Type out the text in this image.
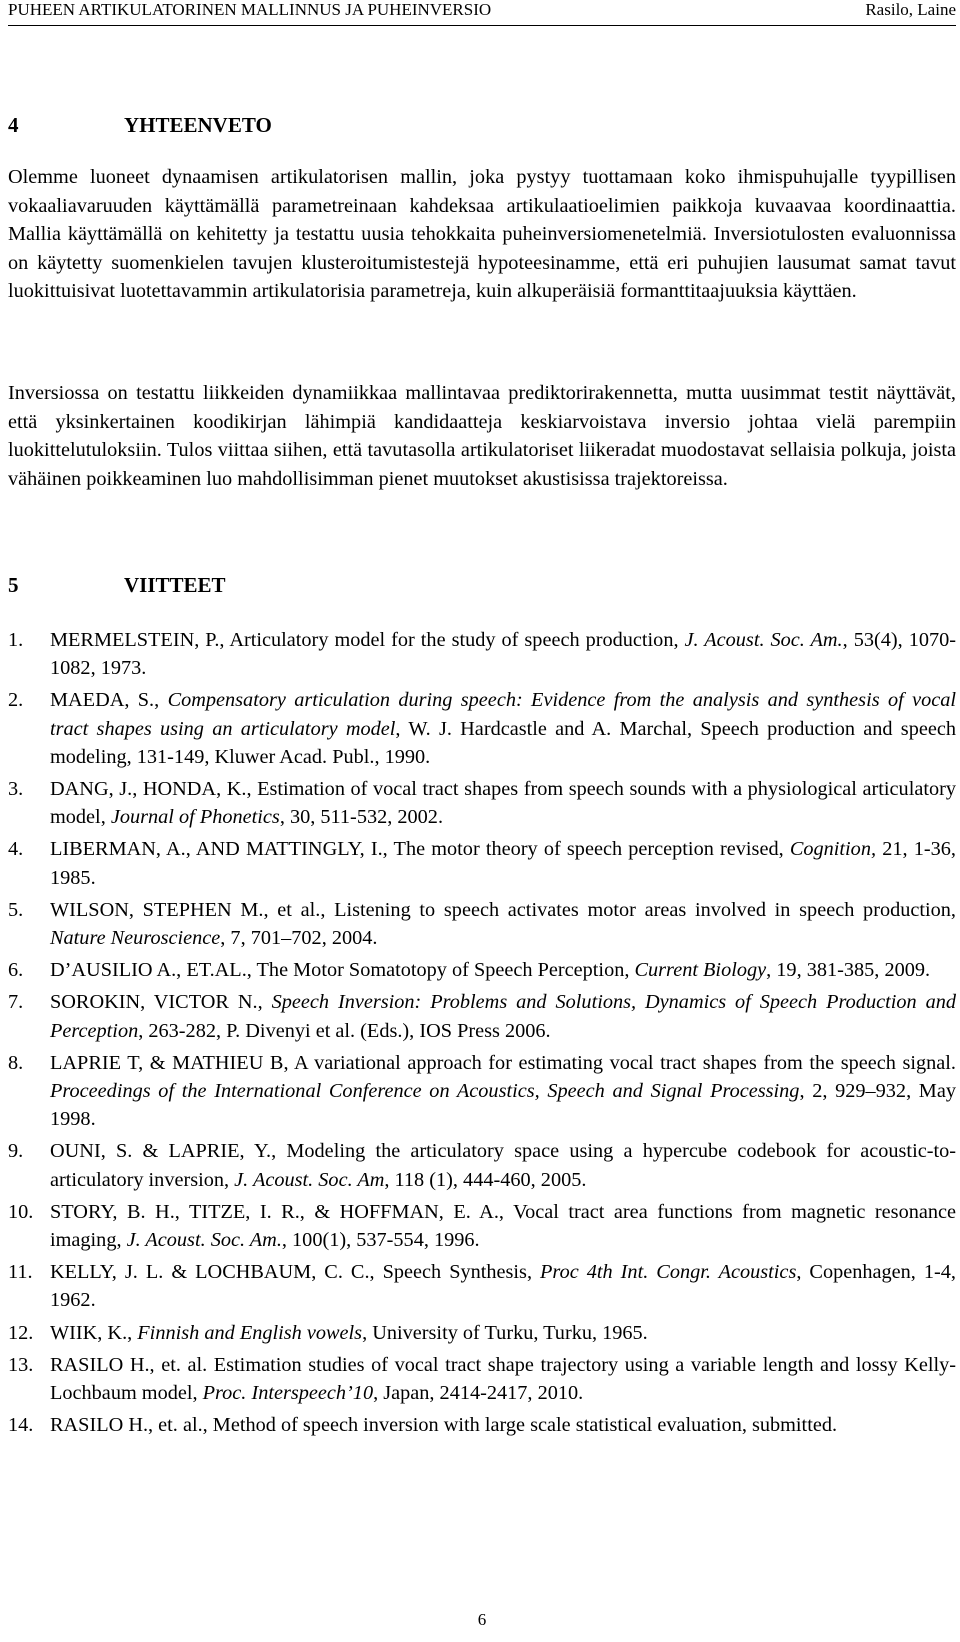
PUHEEN ARTIKULATORINEN MALLINNUS JA PUHEINVERSIO	Rasilo, Laine
4	YHTEENVETO

Olemme luoneet dynaamisen artikulatorisen mallin, joka pystyy tuottamaan koko ihmispuhujalle tyypillisen vokaaliavaruuden käyttämällä parametreinaan kahdeksaa artikulaatioelimien paikkoja kuvaavaa koordinaattia. Mallia käyttämällä on kehitetty ja testattu uusia tehokkaita puheinversiomenetelmiä. Inversiotulosten evaluonnissa on käytetty suomenkielen tavujen klusteroitumistestejä hypoteesinamme, että eri puhujien lausumat samat tavut luokittuisivat luotettavammin artikulatorisia parametreja, kuin alkuperäisiä formanttitaajuuksia käyttäen.

Inversiossa on testattu liikkeiden dynamiikkaa mallintavaa prediktorirakennetta, mutta uusimmat testit näyttävät, että yksinkertainen koodikirjan lähimpiä kandidaatteja keskiarvoistava inversio johtaa vielä parempiin luokittelutuloksiin. Tulos viittaa siihen, että tavutasolla artikulatoriset liikeradat muodostavat sellaisia polkuja, joista vähäinen poikkeaminen luo mahdollisimman pienet muutokset akustisissa trajektoreissa.

5	VIITTEET
1. MERMELSTEIN, P., Articulatory model for the study of speech production, J. Acoust. Soc. Am., 53(4), 1070-1082, 1973.
2. MAEDA, S., Compensatory articulation during speech: Evidence from the analysis and synthesis of vocal tract shapes using an articulatory model, W. J. Hardcastle and A. Marchal, Speech production and speech modeling, 131-149, Kluwer Acad. Publ., 1990.
3. DANG, J., HONDA, K., Estimation of vocal tract shapes from speech sounds with a physiological articulatory model, Journal of Phonetics, 30, 511-532, 2002.
4. LIBERMAN, A., AND MATTINGLY, I., The motor theory of speech perception revised, Cognition, 21, 1-36, 1985.
5. WILSON, STEPHEN M., et al., Listening to speech activates motor areas involved in speech production, Nature Neuroscience, 7, 701–702, 2004.
6. D’AUSILIO A., ET.AL., The Motor Somatotopy of Speech Perception, Current Biology, 19, 381-385, 2009.
7. SOROKIN, VICTOR N., Speech Inversion: Problems and Solutions, Dynamics of Speech Production and Perception, 263-282, P. Divenyi et al. (Eds.), IOS Press 2006.
8. LAPRIE T, & MATHIEU B, A variational approach for estimating vocal tract shapes from the speech signal. Proceedings of the International Conference on Acoustics, Speech and Signal Processing, 2, 929–932, May 1998.
9. OUNI, S. & LAPRIE, Y., Modeling the articulatory space using a hypercube codebook for acoustic-to-articulatory inversion, J. Acoust. Soc. Am, 118 (1), 444-460, 2005.
10. STORY, B. H., TITZE, I. R., & HOFFMAN, E. A., Vocal tract area functions from magnetic resonance imaging, J. Acoust. Soc. Am., 100(1), 537-554, 1996.
11. KELLY, J. L. & LOCHBAUM, C. C., Speech Synthesis, Proc 4th Int. Congr. Acoustics, Copenhagen, 1-4, 1962.
12. WIIK, K., Finnish and English vowels, University of Turku, Turku, 1965.
13. RASILO H., et. al. Estimation studies of vocal tract shape trajectory using a variable length and lossy Kelly-Lochbaum model, Proc. Interspeech’10, Japan, 2414-2417, 2010.
14. RASILO H., et. al., Method of speech inversion with large scale statistical evaluation, submitted.
6
